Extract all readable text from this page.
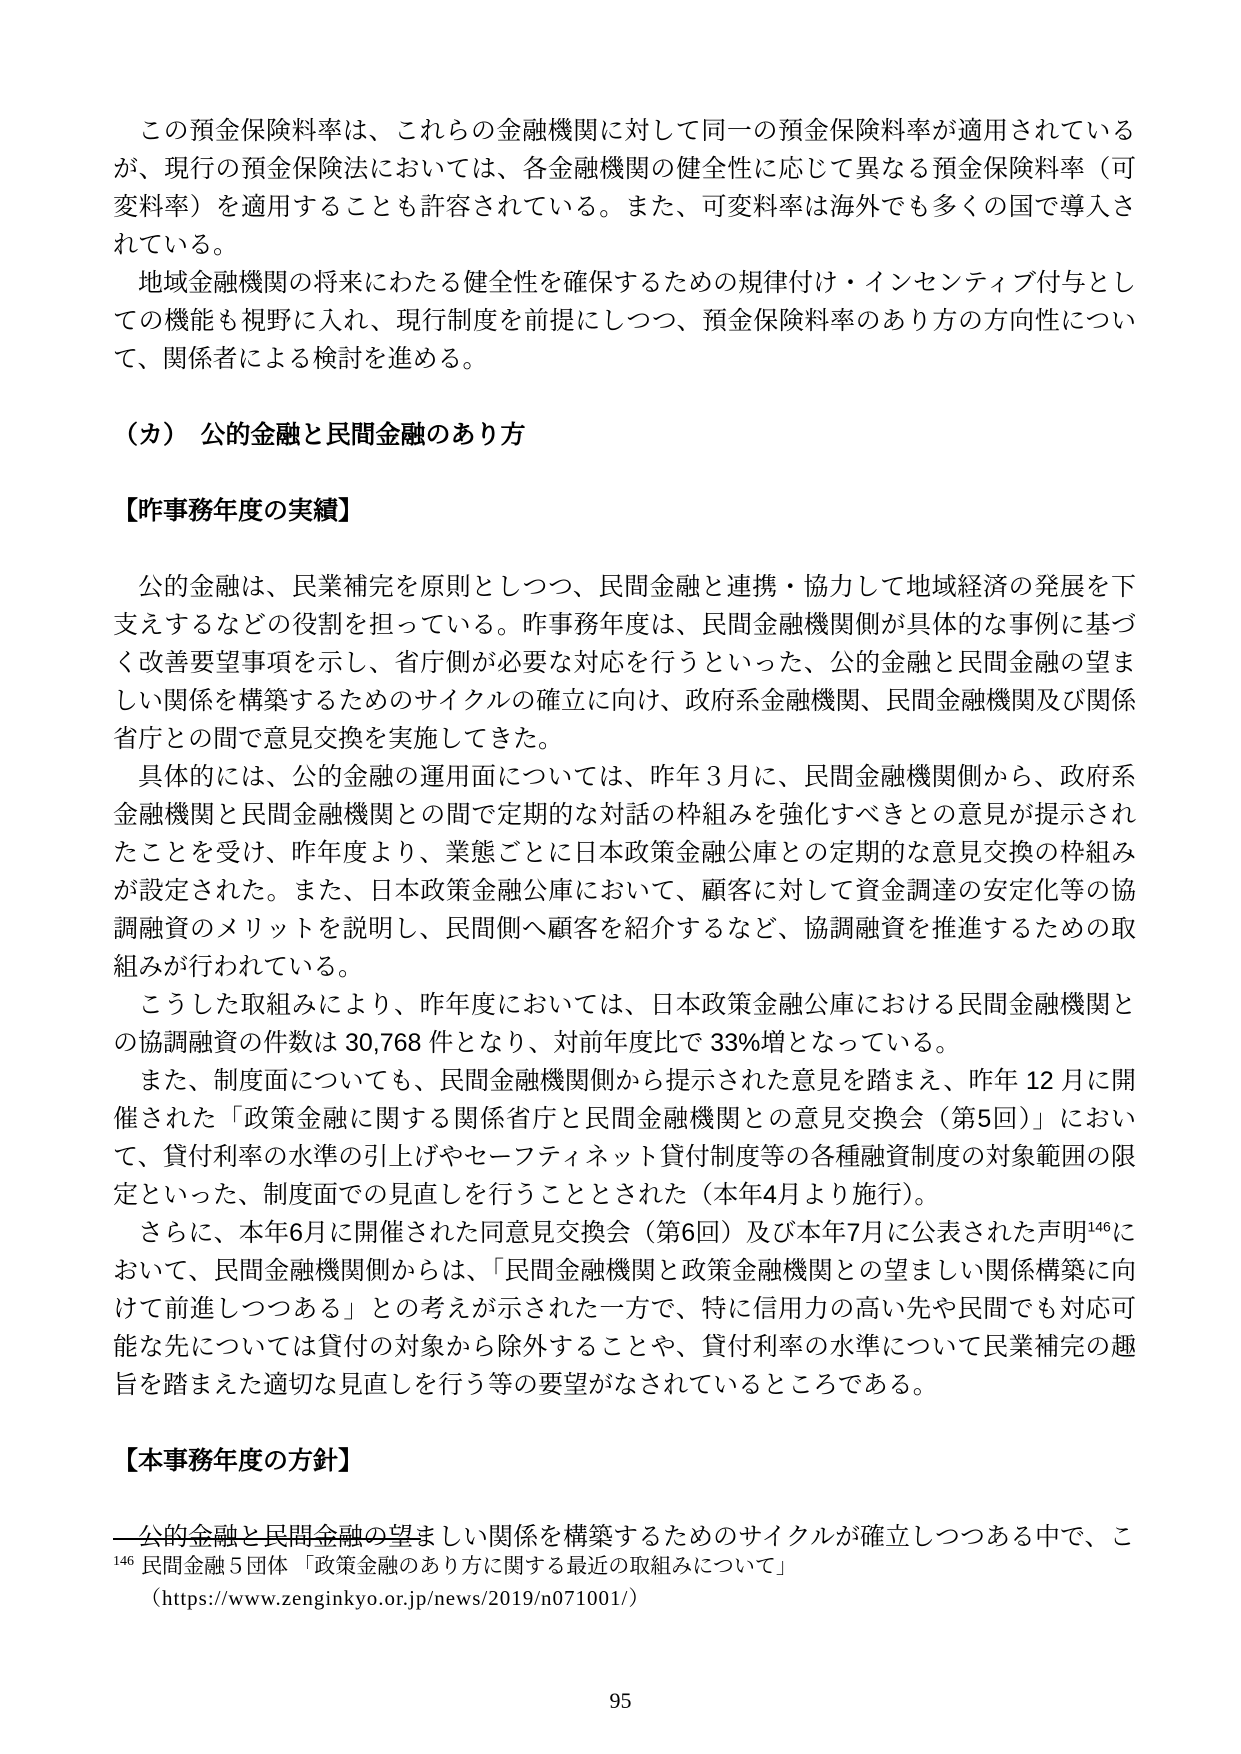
この預金保険料率は、これらの金融機関に対して同一の預金保険料率が適用されているが、現行の預金保険法においては、各金融機関の健全性に応じて異なる預金保険料率（可変料率）を適用することも許容されている。また、可変料率は海外でも多くの国で導入されている。

地域金融機関の将来にわたる健全性を確保するための規律付け・インセンティブ付与としての機能も視野に入れ、現行制度を前提にしつつ、預金保険料率のあり方の方向性について、関係者による検討を進める。

（カ）　公的金融と民間金融のあり方
【昨事務年度の実績】

公的金融は、民業補完を原則としつつ、民間金融と連携・協力して地域経済の発展を下支えするなどの役割を担っている。昨事務年度は、民間金融機関側が具体的な事例に基づく改善要望事項を示し、省庁側が必要な対応を行うといった、公的金融と民間金融の望ましい関係を構築するためのサイクルの確立に向け、政府系金融機関、民間金融機関及び関係省庁との間で意見交換を実施してきた。

具体的には、公的金融の運用面については、昨年３月に、民間金融機関側から、政府系金融機関と民間金融機関との間で定期的な対話の枠組みを強化すべきとの意見が提示されたことを受け、昨年度より、業態ごとに日本政策金融公庫との定期的な意見交換の枠組みが設定された。また、日本政策金融公庫において、顧客に対して資金調達の安定化等の協調融資のメリットを説明し、民間側へ顧客を紹介するなど、協調融資を推進するための取組みが行われている。

こうした取組みにより、昨年度においては、日本政策金融公庫における民間金融機関との協調融資の件数は 30,768 件となり、対前年度比で 33%増となっている。

また、制度面についても、民間金融機関側から提示された意見を踏まえ、昨年 12 月に開催された「政策金融に関する関係省庁と民間金融機関との意見交換会（第5回）」において、貸付利率の水準の引上げやセーフティネット貸付制度等の各種融資制度の対象範囲の限定といった、制度面での見直しを行うこととされた（本年4月より施行）。

さらに、本年6月に開催された同意見交換会（第6回）及び本年7月に公表された声明$^{146}$において、民間金融機関側からは、「民間金融機関と政策金融機関との望ましい関係構築に向けて前進しつつある」との考えが示された一方で、特に信用力の高い先や民間でも対応可能な先については貸付の対象から除外することや、貸付利率の水準について民業補完の趣旨を踏まえた適切な見直しを行う等の要望がなされているところである。

【本事務年度の方針】

公的金融と民間金融の望ましい関係を構築するためのサイクルが確立しつつある中で、こ

$^{146}$ 民間金融５団体 「政策金融のあり方に関する最近の取組みについて」
（https://www.zenginkyo.or.jp/news/2019/n071001/）
95
